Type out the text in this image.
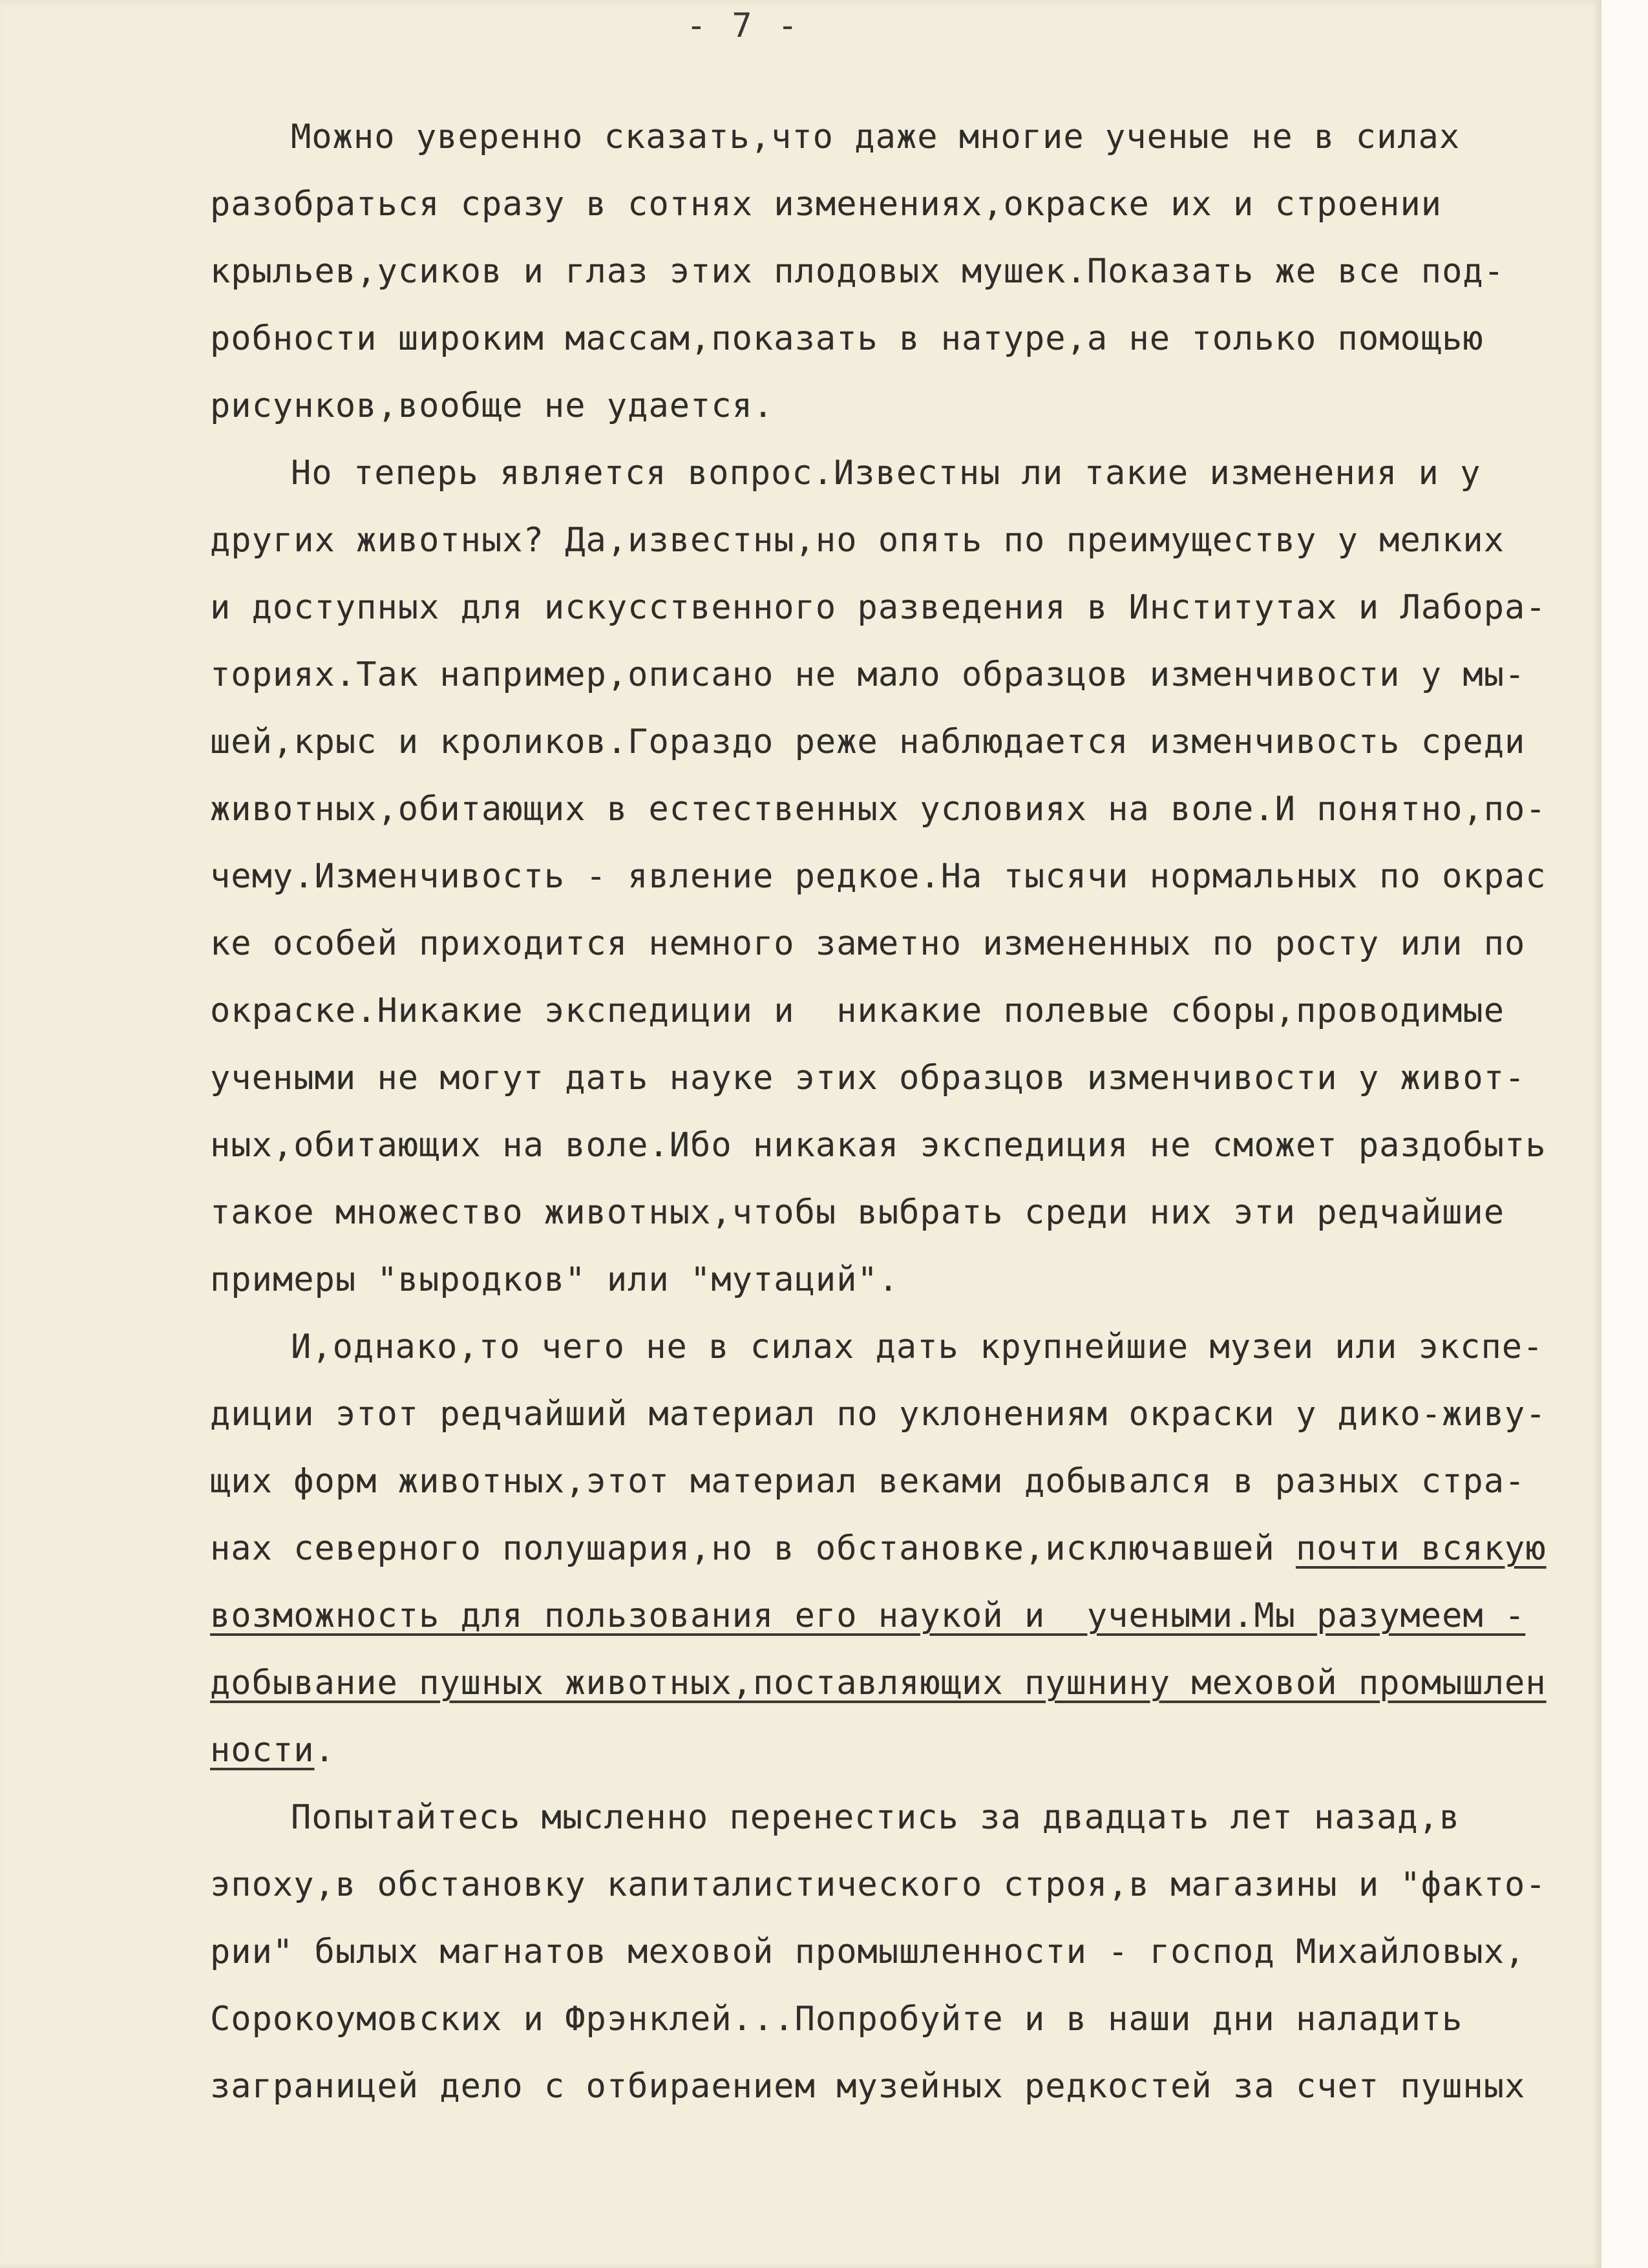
- 7 -
Можно уверенно сказать,что даже многие ученые не в силах
разобраться сразу в сотнях изменениях,окраске их и строении
крыльев,усиков и глаз этих плодовых мушек.Показать же все под-
робности широким массам,показать в натуре,а не только помощью
рисунков,вообще не удается.
Но теперь является вопрос.Известны ли такие изменения и у
других животных? Да,известны,но опять по преимуществу у мелких
и доступных для искусственного разведения в Институтах и Лабора-
ториях.Так например,описано не мало образцов изменчивости у мы-
шей,крыс и кроликов.Гораздо реже наблюдается изменчивость среди
животных,обитающих в естественных условиях на воле.И понятно,по-
чему.Изменчивость - явление редкое.На тысячи нормальных по окрас
ке особей приходится немного заметно измененных по росту или по
окраске.Никакие экспедиции и  никакие полевые сборы,проводимые
учеными не могут дать науке этих образцов изменчивости у живот-
ных,обитающих на воле.Ибо никакая экспедиция не сможет раздобыть
такое множество животных,чтобы выбрать среди них эти редчайшие
примеры "выродков" или "мутаций".
И,однако,то чего не в силах дать крупнейшие музеи или экспе-
диции этот редчайший материал по уклонениям окраски у дико-живу-
щих форм животных,этот материал веками добывался в разных стра-
нах северного полушария,но в обстановке,исключавшей почти всякую
возможность для пользования его наукой и  учеными.Мы разумеем -
добывание пушных животных,поставляющих пушнину меховой промышлен
ности.
Попытайтесь мысленно перенестись за двадцать лет назад,в
эпоху,в обстановку капиталистического строя,в магазины и "факто-
рии" былых магнатов меховой промышленности - господ Михайловых,
Сорокоумовских и Фрэнклей...Попробуйте и в наши дни наладить
заграницей дело с отбираением музейных редкостей за счет пушных
